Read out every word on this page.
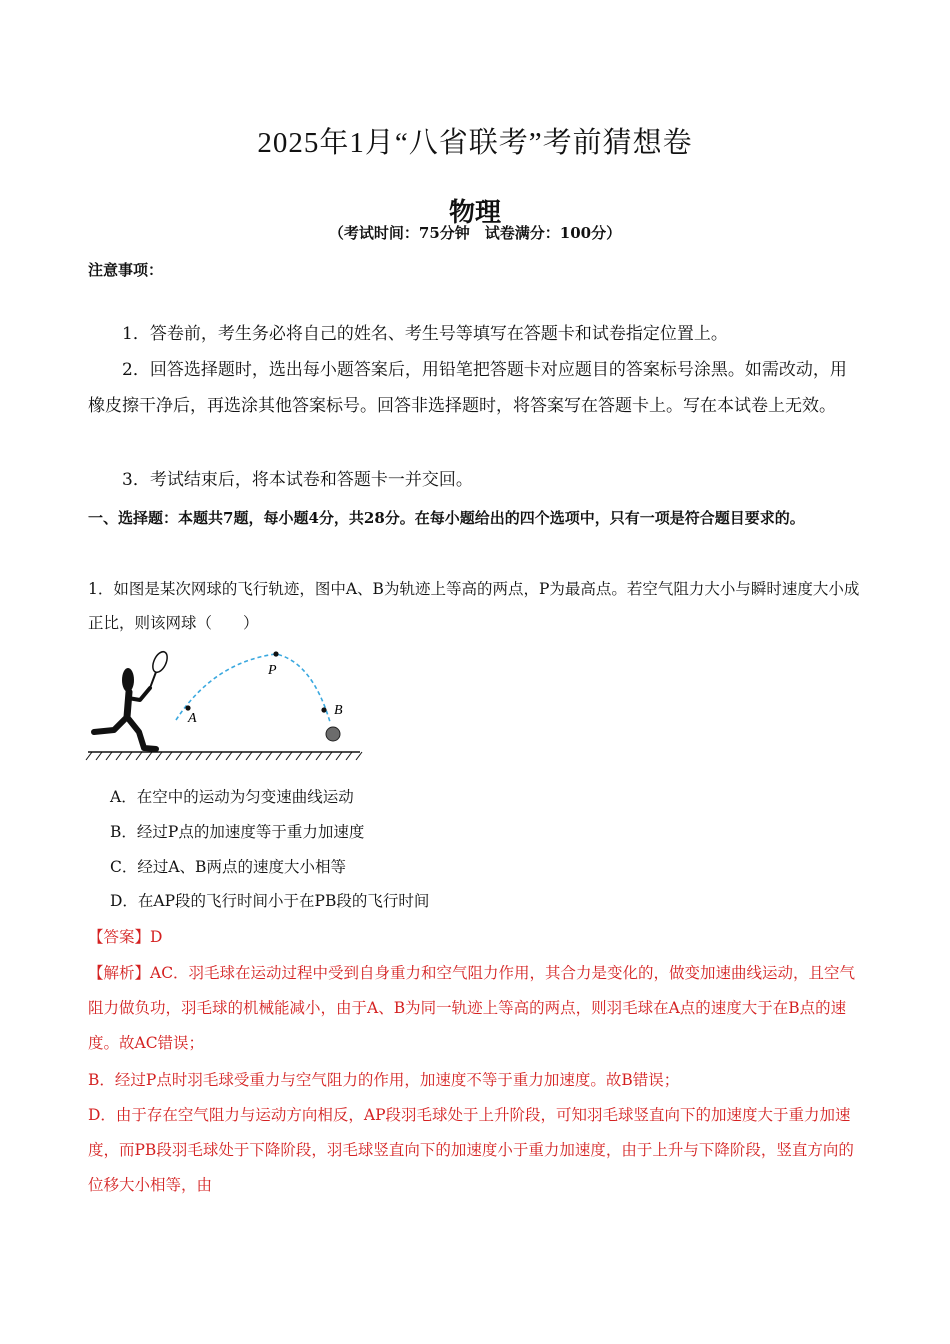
2025年1月“八省联考”考前猜想卷
物理
（考试时间：75分钟　试卷满分：100分）
注意事项：
1．答卷前，考生务必将自己的姓名、考生号等填写在答题卡和试卷指定位置上。
2．回答选择题时，选出每小题答案后，用铅笔把答题卡对应题目的答案标号涂黑。如需改动，用橡皮擦干净后，再选涂其他答案标号。回答非选择题时，将答案写在答题卡上。写在本试卷上无效。
3．考试结束后，将本试卷和答题卡一并交回。
一、选择题：本题共7题，每小题4分，共28分。在每小题给出的四个选项中，只有一项是符合题目要求的。
1．如图是某次网球的飞行轨迹，图中A、B为轨迹上等高的两点，P为最高点。若空气阻力大小与瞬时速度大小成正比，则该网球（　　）
A
P
B
A．在空中的运动为匀变速曲线运动
B．经过P点的加速度等于重力加速度
C．经过A、B两点的速度大小相等
D．在AP段的飞行时间小于在PB段的飞行时间
【答案】D
【解析】AC．羽毛球在运动过程中受到自身重力和空气阻力作用，其合力是变化的，做变加速曲线运动，且空气阻力做负功，羽毛球的机械能减小，由于A、B为同一轨迹上等高的两点，则羽毛球在A点的速度大于在B点的速度。故AC错误；
B．经过P点时羽毛球受重力与空气阻力的作用，加速度不等于重力加速度。故B错误；
D．由于存在空气阻力与运动方向相反，AP段羽毛球处于上升阶段，可知羽毛球竖直向下的加速度大于重力加速度，而PB段羽毛球处于下降阶段，羽毛球竖直向下的加速度小于重力加速度，由于上升与下降阶段，竖直方向的位移大小相等，由
